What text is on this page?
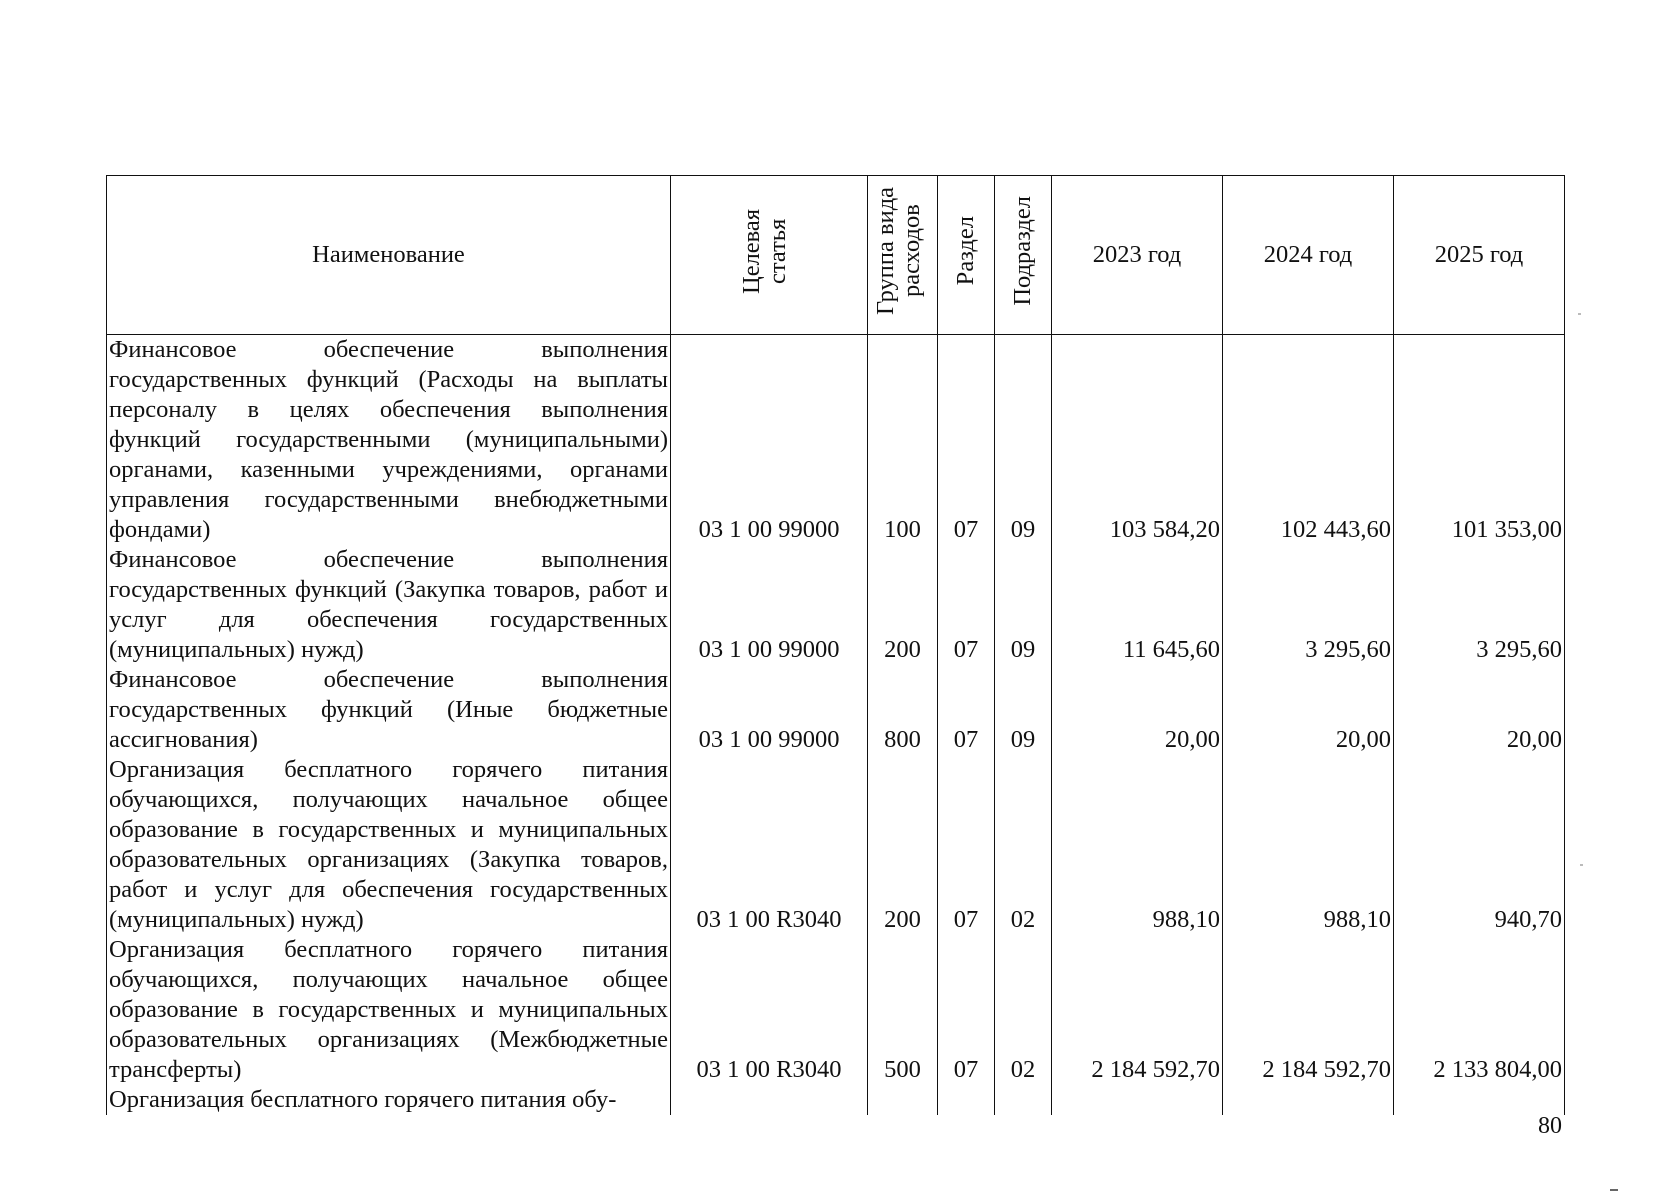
Наименование	Целевая статья	Группа вида расходов	Раздел	Подраздел	2023 год	2024 год	2025 год
Финансовое обеспечение выполнения государственных функций (Расходы на выплаты персоналу в целях обеспечения выполнения функций государственными (муниципальными) органами, казенными учреждениями, органами управления государственными внебюджетными фондами)	03 1 00 99000	100	07	09	103 584,20	102 443,60	101 353,00
Финансовое обеспечение выполнения государственных функций (Закупка товаров, работ и услуг для обеспечения государственных (муниципальных) нужд)	03 1 00 99000	200	07	09	11 645,60	3 295,60	3 295,60
Финансовое обеспечение выполнения государственных функций (Иные бюджетные ассигнования)	03 1 00 99000	800	07	09	20,00	20,00	20,00
Организация бесплатного горячего питания обучающихся, получающих начальное общее образование в государственных и муниципальных образовательных организациях (Закупка товаров, работ и услуг для обеспечения государственных (муниципальных) нужд)	03 1 00 R3040	200	07	02	988,10	988,10	940,70
Организация бесплатного горячего питания обучающихся, получающих начальное общее образование в государственных и муниципальных образовательных организациях (Межбюджетные трансферты)	03 1 00 R3040	500	07	02	2 184 592,70	2 184 592,70	2 133 804,00
Организация бесплатного горячего питания обу-							
80
